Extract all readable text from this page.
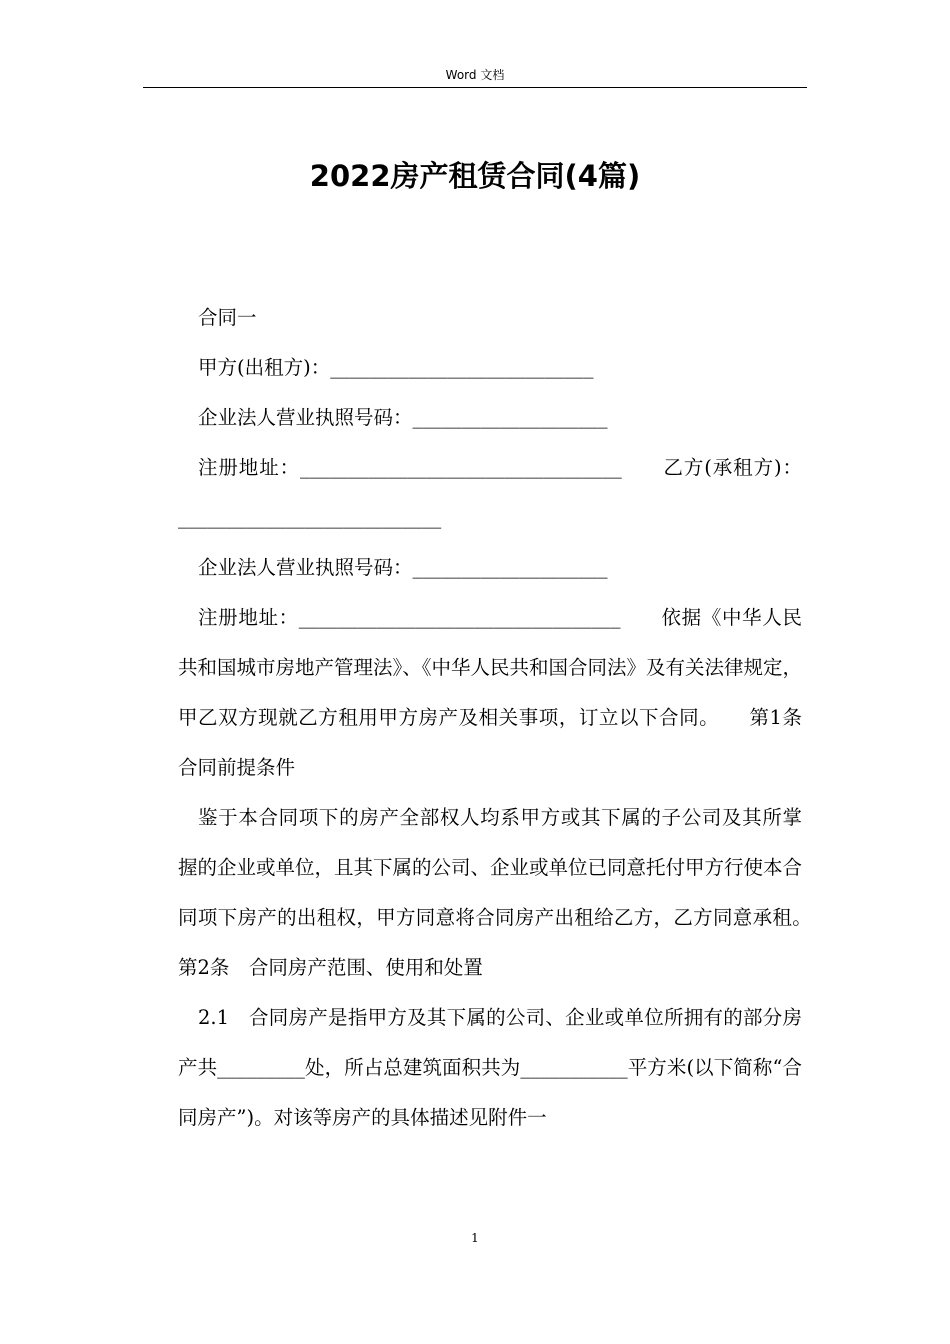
Word 文档
2022房产租赁合同(4篇)

合同一

甲方(出租方)：___________________________

企业法人营业执照号码：____________________

注册地址：_________________________________　　乙方(承租方)：___________________________

企业法人营业执照号码：____________________

注册地址：_________________________________　　依据《中华人民共和国城市房地产管理法》、《中华人民共和国合同法》及有关法律规定，甲乙双方现就乙方租用甲方房产及相关事项，订立以下合同。　　第1条　合同前提条件

鉴于本合同项下的房产全部权人均系甲方或其下属的子公司及其所掌握的企业或单位，且其下属的公司、企业或单位已同意托付甲方行使本合同项下房产的出租权，甲方同意将合同房产出租给乙方，乙方同意承租。　　第2条　合同房产范围、使用和处置

2.1　合同房产是指甲方及其下属的公司、企业或单位所拥有的部分房产共_________处，所占总建筑面积共为___________平方米(以下简称“合同房产”)。对该等房产的具体描述见附件一

1
